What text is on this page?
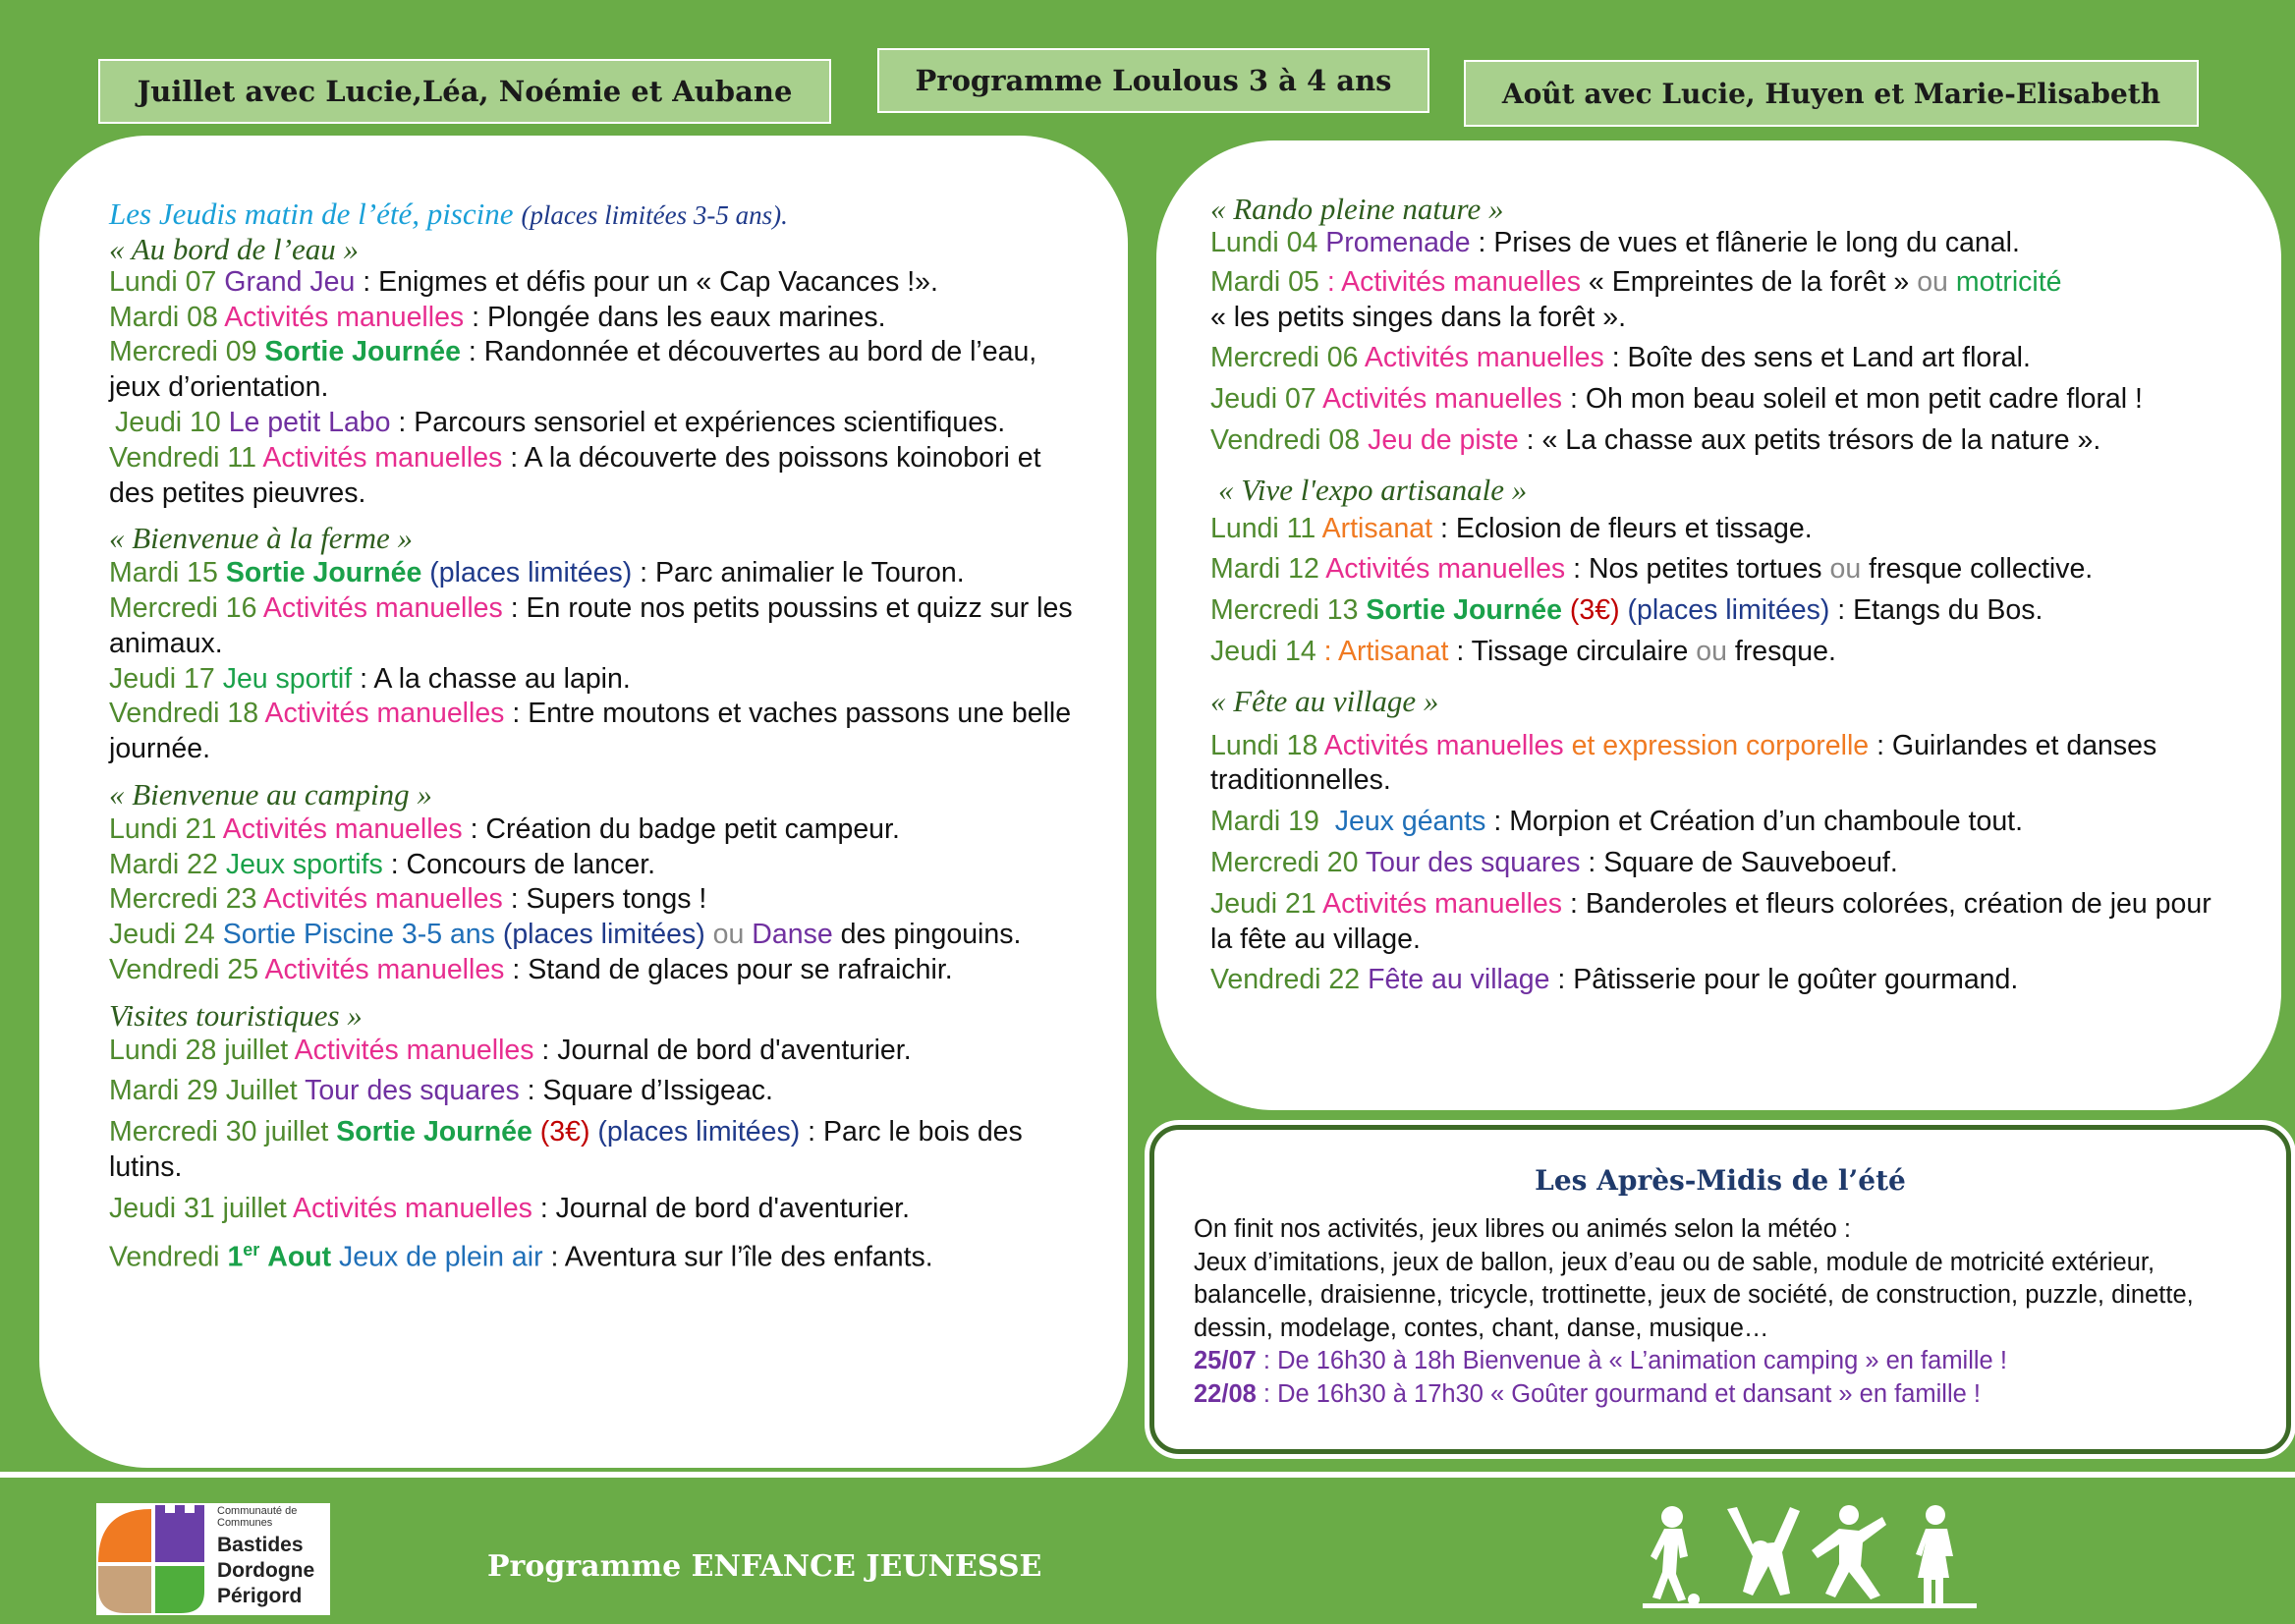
Juillet avec Lucie,Léa, Noémie et Aubane	Programme Loulous 3 à 4 ans	Août avec Lucie, Huyen et Marie-Elisabeth

Les Jeudis matin de l’été, piscine (places limitées 3-5 ans).

« Au bord de l’eau »

Lundi 07 Grand Jeu : Enigmes et défis pour un « Cap Vacances !».

Mardi 08 Activités manuelles : Plongée dans les eaux marines.

Mercredi 09 Sortie Journée : Randonnée et découvertes au bord de l’eau, jeux d’orientation.

Jeudi 10 Le petit Labo : Parcours sensoriel et expériences scientifiques.

Vendredi 11 Activités manuelles : A la découverte des poissons koinobori et des petites pieuvres.

« Bienvenue à la ferme »

Mardi 15 Sortie Journée (places limitées) : Parc animalier le Touron.

Mercredi 16 Activités manuelles : En route nos petits poussins et quizz sur les animaux.

Jeudi 17 Jeu sportif : A la chasse au lapin.

Vendredi 18 Activités manuelles : Entre moutons et vaches passons une belle journée.

« Bienvenue au camping »

Lundi 21 Activités manuelles : Création du badge petit campeur.

Mardi 22 Jeux sportifs : Concours de lancer.

Mercredi 23 Activités manuelles : Supers tongs !

Jeudi 24 Sortie Piscine 3-5 ans (places limitées) ou Danse des pingouins.

Vendredi 25 Activités manuelles : Stand de glaces pour se rafraichir.

Visites touristiques »

Lundi 28 juillet Activités manuelles : Journal de bord d'aventurier.

Mardi 29 Juillet Tour des squares : Square d’Issigeac.

Mercredi 30 juillet Sortie Journée (3€) (places limitées) : Parc le bois des lutins.

Jeudi 31 juillet Activités manuelles : Journal de bord d'aventurier.

Vendredi 1er Aout Jeux de plein air : Aventura sur l’île des enfants.

« Rando pleine nature »

Lundi 04 Promenade : Prises de vues et flânerie le long du canal.

Mardi 05 : Activités manuelles « Empreintes de la forêt » ou motricité
« les petits singes dans la forêt ».

Mercredi 06 Activités manuelles : Boîte des sens et Land art floral.

Jeudi 07 Activités manuelles : Oh mon beau soleil et mon petit cadre floral !

Vendredi 08 Jeu de piste : « La chasse aux petits trésors de la nature ».

« Vive l'expo artisanale »

Lundi 11 Artisanat : Eclosion de fleurs et tissage.

Mardi 12 Activités manuelles : Nos petites tortues ou fresque collective.

Mercredi 13 Sortie Journée (3€) (places limitées) : Etangs du Bos.

Jeudi 14 : Artisanat : Tissage circulaire ou fresque.

« Fête au village »

Lundi 18 Activités manuelles et expression corporelle : Guirlandes et danses traditionnelles.

Mardi 19 Jeux géants : Morpion et Création d’un chamboule tout.

Mercredi 20 Tour des squares : Square de Sauveboeuf.

Jeudi 21 Activités manuelles : Banderoles et fleurs colorées, création de jeu pour la fête au village.

Vendredi 22 Fête au village : Pâtisserie pour le goûter gourmand.

Les Après-Midis de l’été

On finit nos activités, jeux libres ou animés selon la météo :

Jeux d’imitations, jeux de ballon, jeux d’eau ou de sable, module de motricité extérieur, balancelle, draisienne, tricycle, trottinette, jeux de société, de construction, puzzle, dinette, dessin, modelage, contes, chant, danse, musique…

25/07 : De 16h30 à 18h Bienvenue à « L’animation camping » en famille !

22/08 : De 16h30 à 17h30 « Goûter gourmand et dansant » en famille !

Communauté de Communes
Bastides
Dordogne
Périgord
Programme ENFANCE JEUNESSE
